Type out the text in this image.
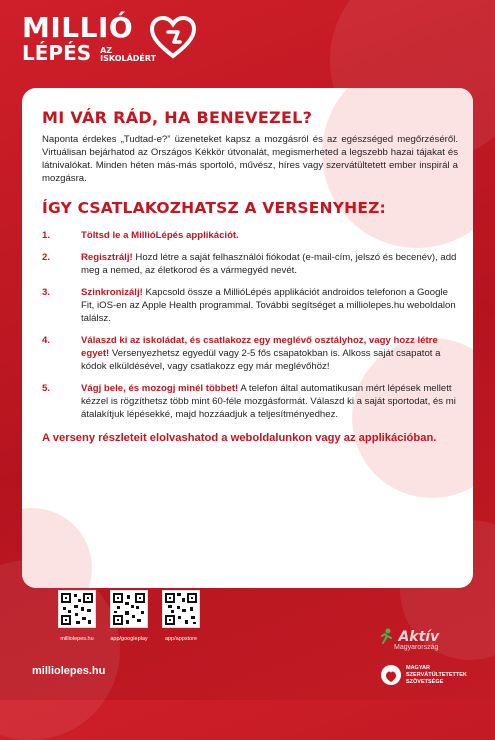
MILLIÓ
LÉPÉS AZ
ISKOLÁDÉRT
MI VÁR RÁD, HA BENEVEZEL?

Naponta érdekes „Tudtad-e?” üzeneteket kapsz a mozgásról és az egészséged megőrzéséről. Virtuálisan bejárhatod az Országos Kékkör útvonalát, megismerheted a legszebb hazai tájakat és látnivalókat. Minden héten más-más sportoló, művész, híres vagy szervátültetett ember inspirál a mozgásra.

ÍGY CSATLAKOZHATSZ A VERSENYHEZ:
1.	Töltsd le a MillióLépés applikációt.
2.	Regisztrálj! Hozd létre a saját felhasználói fiókodat (e-mail-cím, jelszó és becenév), add meg a nemed, az életkorod és a vármegyéd nevét.
3.	Szinkronizálj! Kapcsold össze a MillióLépés applikációt androidos telefonon a Google Fit, iOS-en az Apple Health programmal. További segítséget a milliolepes.hu weboldalon találsz.
4.	Válaszd ki az iskoládat, és csatlakozz egy meglévő osztályhoz, vagy hozz létre egyet! Versenyezhetsz egyedül vagy 2-5 fős csapatokban is. Alkoss saját csapatot a kódok elküldésével, vagy csatlakozz egy már meglévőhöz!
5.	Vágj bele, és mozogj minél többet! A telefon által automatikusan mért lépések mellett kézzel is rögzíthetsz több mint 60-féle mozgásformát. Válaszd ki a saját sportodat, és mi átalakítjuk lépésekké, majd hozzáadjuk a teljesítményedhez.

A verseny részleteit elolvashatod a weboldalunkon vagy az applikációban.

milliolepes.hu	app/googleplay	app/appstore
milliolepes.hu
Aktív
Magyarország
MAGYAR
SZERVÁTÜLTETETTEK
SZÖVETSÉGE
